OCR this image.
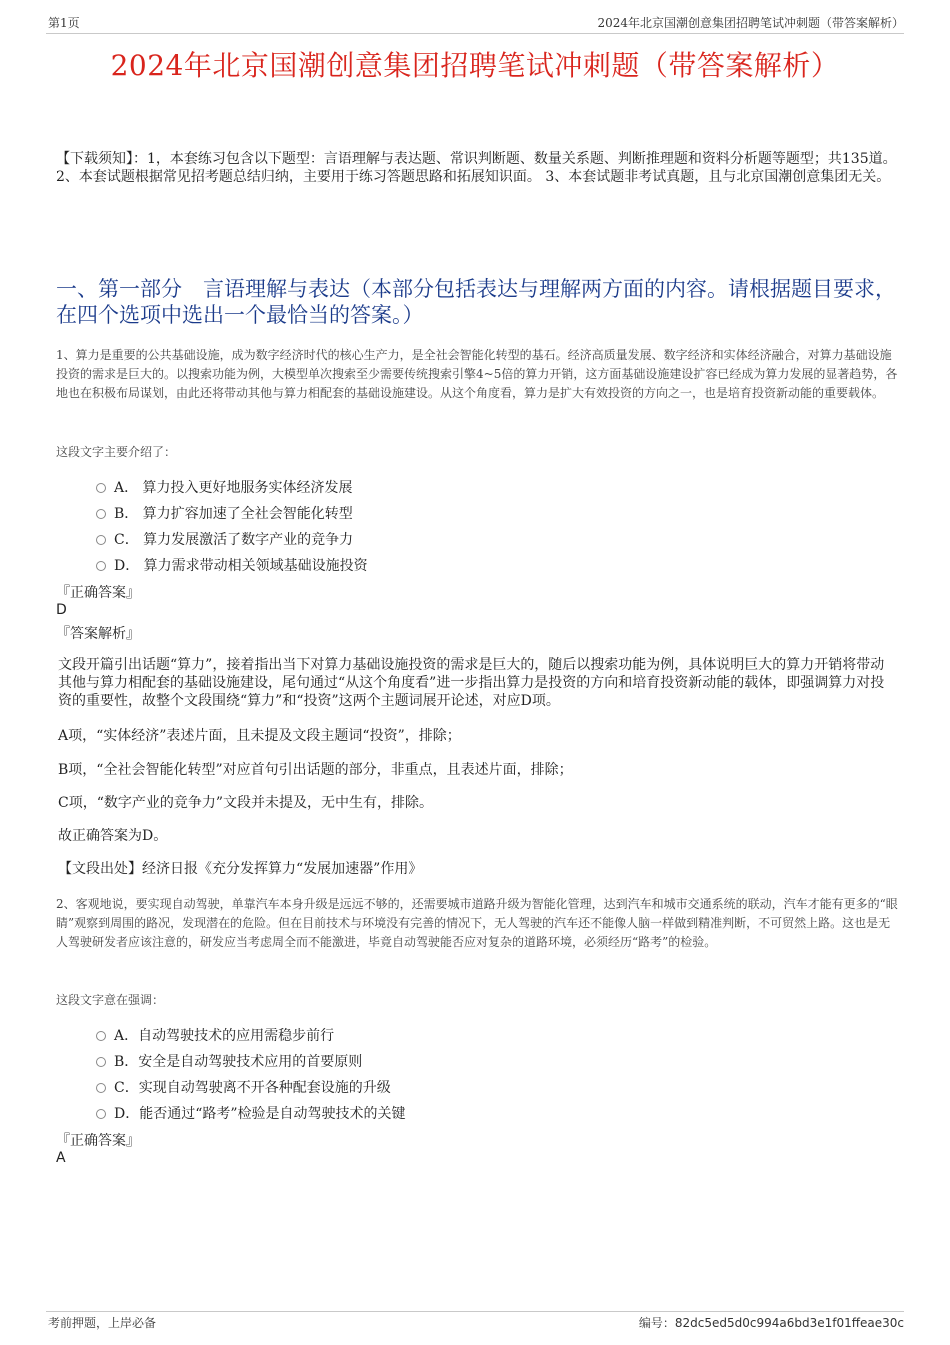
第1页	2024年北京国潮创意集团招聘笔试冲刺题（带答案解析）
2024年北京国潮创意集团招聘笔试冲刺题（带答案解析）
【下载须知】：1，本套练习包含以下题型：言语理解与表达题、常识判断题、数量关系题、判断推理题和资料分析题等题型；共135道。 2、本套试题根据常见招考题总结归纳，主要用于练习答题思路和拓展知识面。 3、本套试题非考试真题，且与北京国潮创意集团无关。
一、第一部分　言语理解与表达（本部分包括表达与理解两方面的内容。请根据题目要求，在四个选项中选出一个最恰当的答案。）
1、算力是重要的公共基础设施，成为数字经济时代的核心生产力，是全社会智能化转型的基石。经济高质量发展、数字经济和实体经济融合，对算力基础设施投资的需求是巨大的。以搜索功能为例，大模型单次搜索至少需要传统搜索引擎4~5倍的算力开销，这方面基础设施建设扩容已经成为算力发展的显著趋势，各地也在积极布局谋划，由此还将带动其他与算力相配套的基础设施建设。从这个角度看，算力是扩大有效投资的方向之一，也是培育投资新动能的重要载体。
这段文字主要介绍了：
A． 算力投入更好地服务实体经济发展
B． 算力扩容加速了全社会智能化转型
C． 算力发展激活了数字产业的竞争力
D． 算力需求带动相关领域基础设施投资
『正确答案』
D
『答案解析』
文段开篇引出话题“算力”，接着指出当下对算力基础设施投资的需求是巨大的，随后以搜索功能为例，具体说明巨大的算力开销将带动其他与算力相配套的基础设施建设，尾句通过“从这个角度看”进一步指出算力是投资的方向和培育投资新动能的载体，即强调算力对投资的重要性，故整个文段围绕“算力”和“投资”这两个主题词展开论述，对应D项。
A项，“实体经济”表述片面，且未提及文段主题词“投资”，排除；
B项，“全社会智能化转型”对应首句引出话题的部分，非重点，且表述片面，排除；
C项，“数字产业的竞争力”文段并未提及，无中生有，排除。
故正确答案为D。
【文段出处】经济日报《充分发挥算力“发展加速器”作用》
2、客观地说，要实现自动驾驶，单靠汽车本身升级是远远不够的，还需要城市道路升级为智能化管理，达到汽车和城市交通系统的联动，汽车才能有更多的“眼睛”观察到周围的路况，发现潜在的危险。但在目前技术与环境没有完善的情况下，无人驾驶的汽车还不能像人脑一样做到精准判断，不可贸然上路。这也是无人驾驶研发者应该注意的，研发应当考虑周全而不能激进，毕竟自动驾驶能否应对复杂的道路环境，必须经历“路考”的检验。
这段文字意在强调：
A．自动驾驶技术的应用需稳步前行
B．安全是自动驾驶技术应用的首要原则
C．实现自动驾驶离不开各种配套设施的升级
D．能否通过“路考”检验是自动驾驶技术的关键
『正确答案』
A
考前押题，上岸必备	编号：82dc5ed5d0c994a6bd3e1f01ffeae30c
